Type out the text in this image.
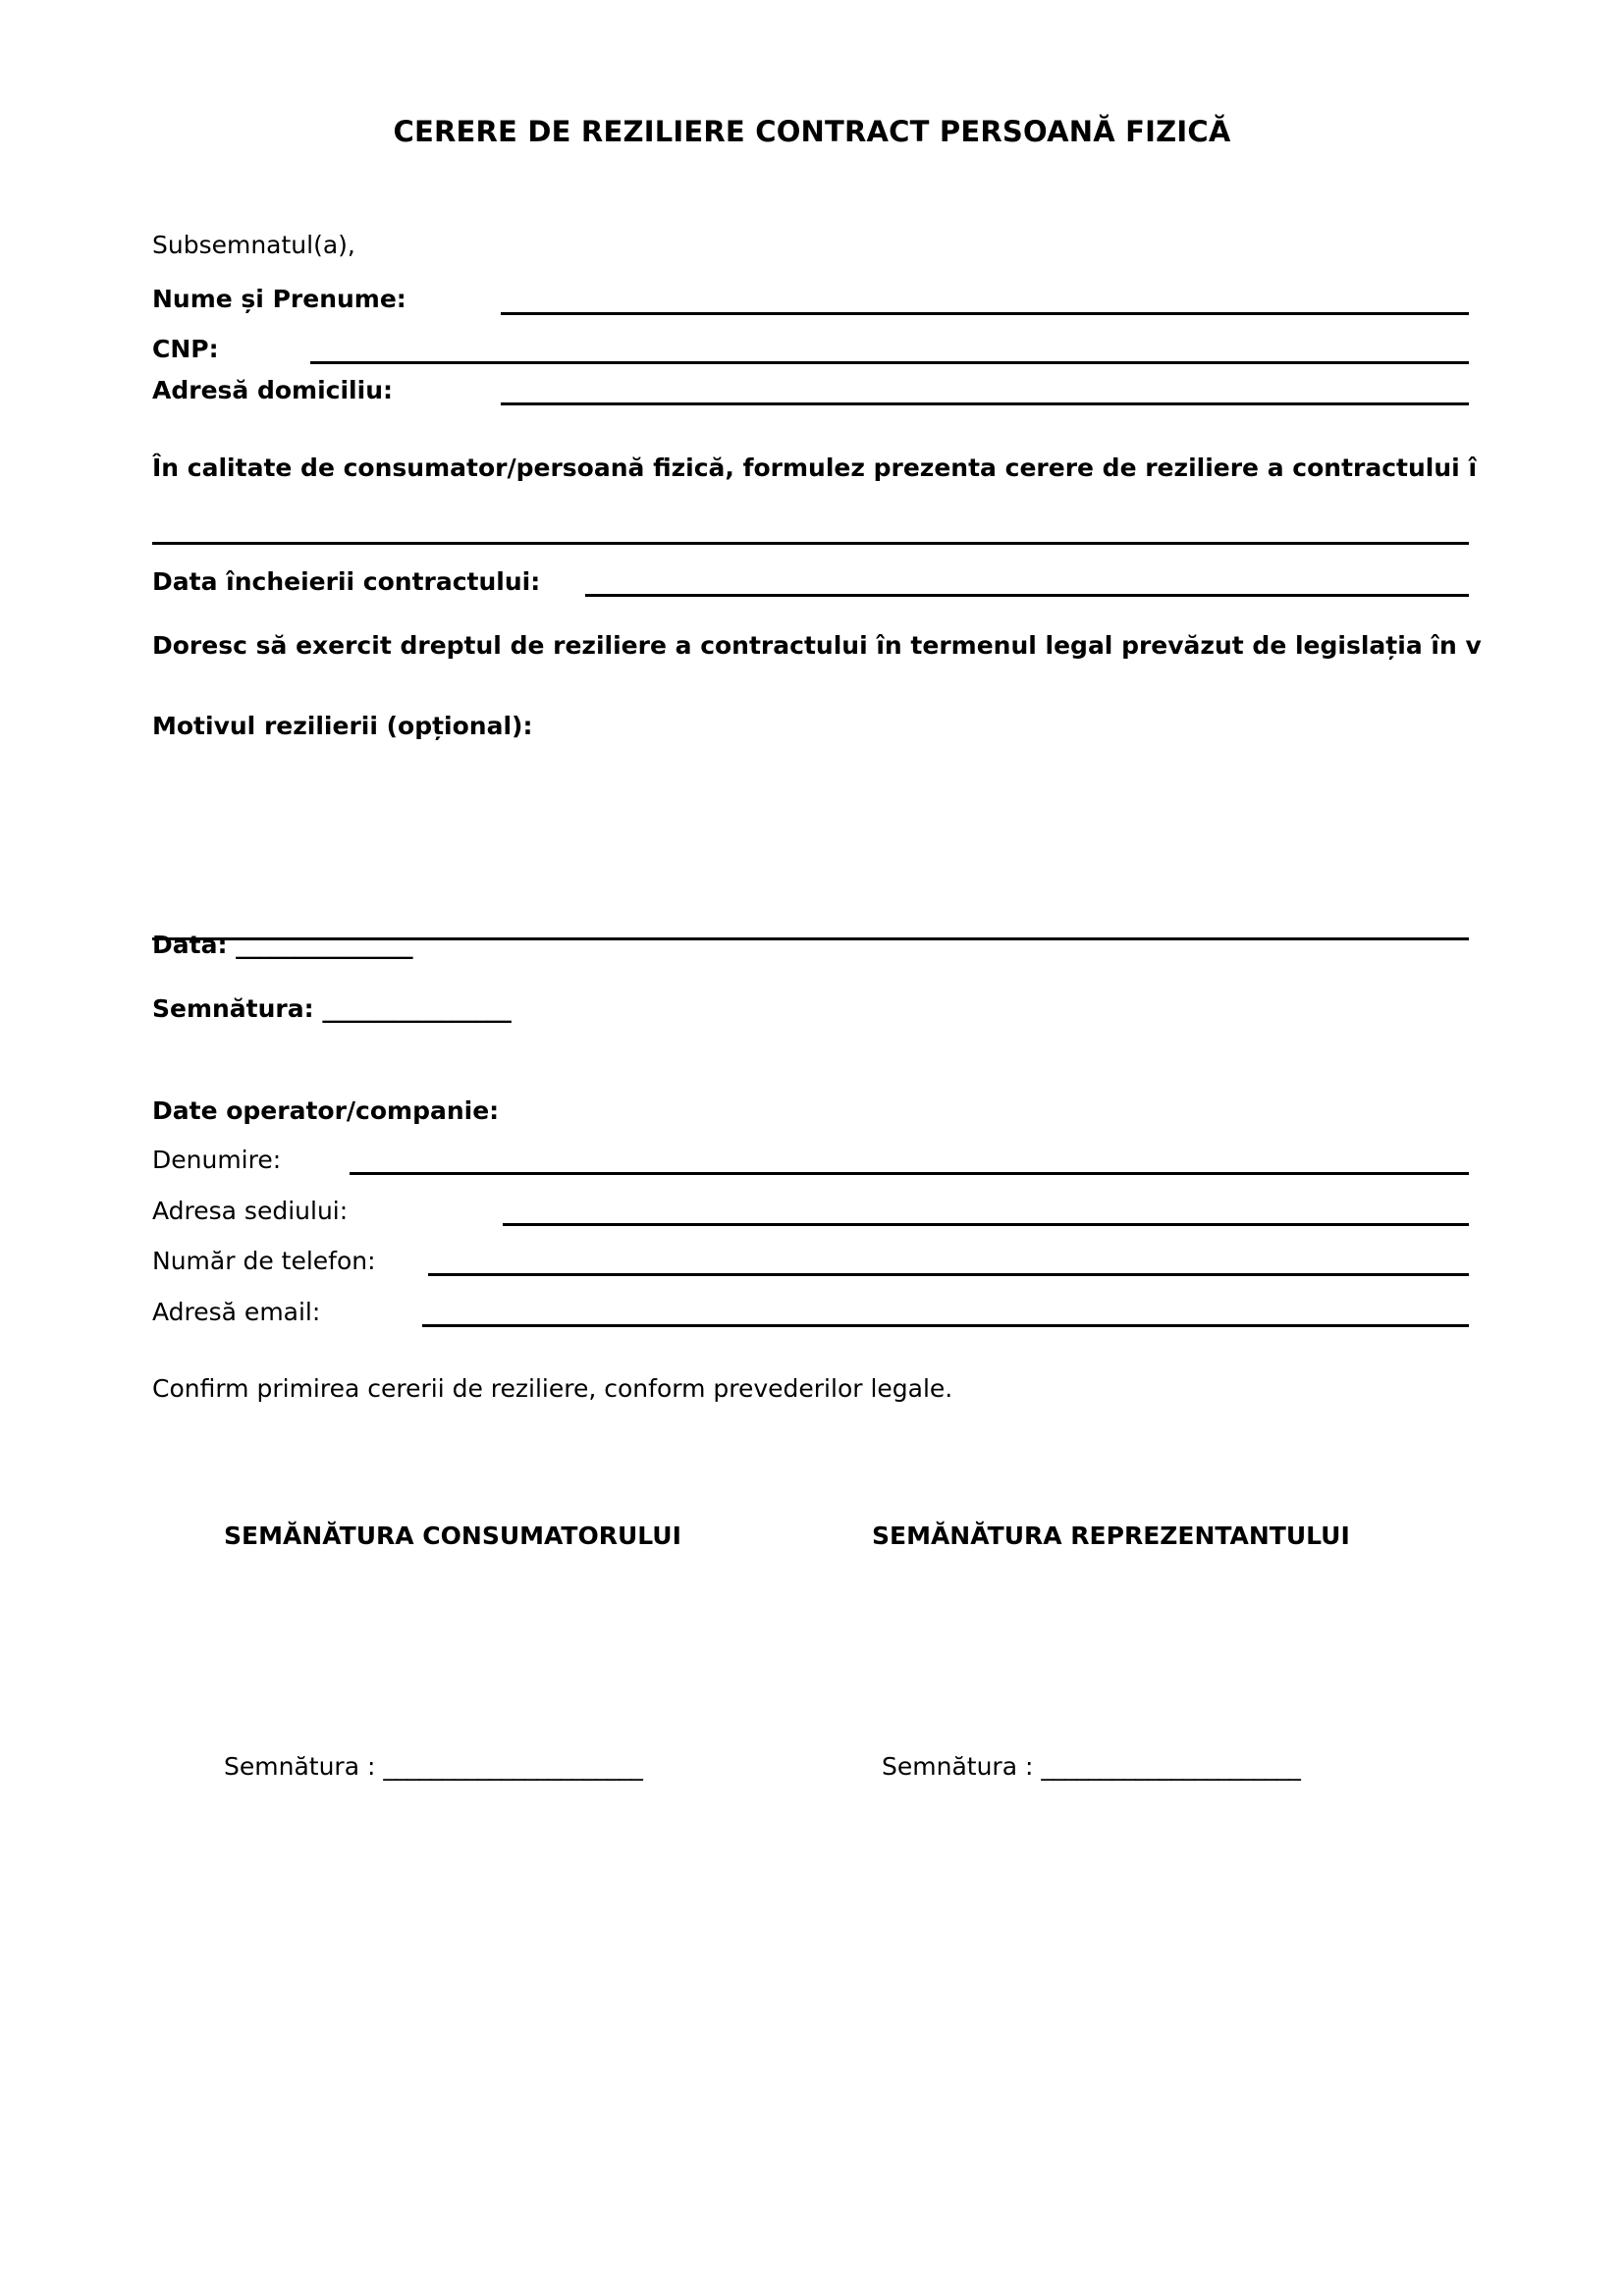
CERERE DE REZILIERE CONTRACT PERSOANĂ FIZICĂ
Subsemnatul(a),
Nume și Prenume:
CNP:
Adresă domiciliu:
În calitate de consumator/persoană fizică, formulez prezenta cerere de reziliere a contractului î
Data încheierii contractului:
Doresc să exercit dreptul de reziliere a contractului în termenul legal prevăzut de legislația în v
Motivul rezilierii (opțional):
Data: _______________
Semnătura: ________________
Date operator/companie:
Denumire:
Adresa sediului:
Număr de telefon:
Adresă email:
Confirm primirea cererii de reziliere, conform prevederilor legale.
SEMĂNĂTURA CONSUMATORULUI	SEMĂNĂTURA REPREZENTANTULUI
Semnătura : ______________________	Semnătura : ______________________
